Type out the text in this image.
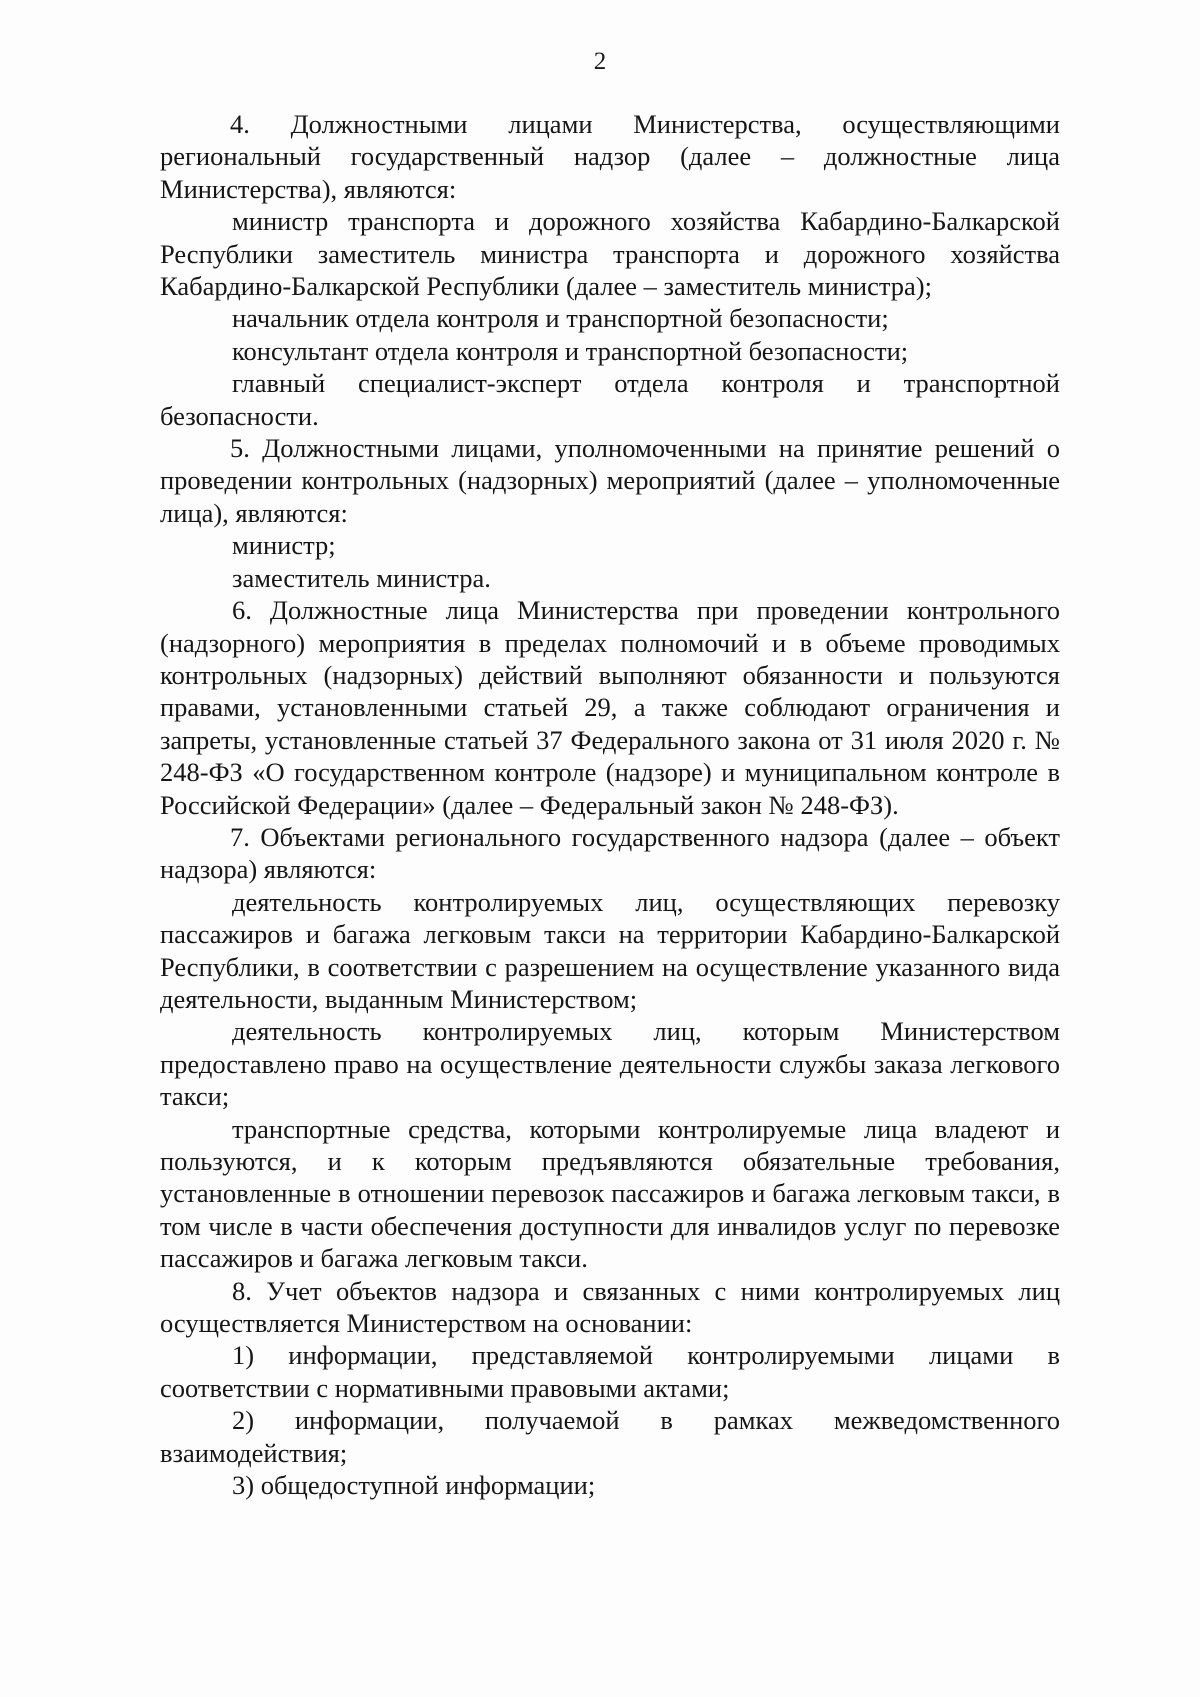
2

4. Должностными лицами Министерства, осуществляющими региональный государственный надзор (далее – должностные лица Министерства), являются:

министр транспорта и дорожного хозяйства Кабардино-Балкарской Республики заместитель министра транспорта и дорожного хозяйства Кабардино-Балкарской Республики (далее – заместитель министра);

начальник отдела контроля и транспортной безопасности;

консультант отдела контроля и транспортной безопасности;

главный специалист-эксперт отдела контроля и транспортной безопасности.

5. Должностными лицами, уполномоченными на принятие решений о проведении контрольных (надзорных) мероприятий (далее – уполномоченные лица), являются:

министр;

заместитель министра.

6. Должностные лица Министерства при проведении контрольного (надзорного) мероприятия в пределах полномочий и в объеме проводимых контрольных (надзорных) действий выполняют обязанности и пользуются правами, установленными статьей 29, а также соблюдают ограничения и запреты, установленные статьей 37 Федерального закона от 31 июля 2020 г. № 248-ФЗ «О государственном контроле (надзоре) и муниципальном контроле в Российской Федерации» (далее – Федеральный закон № 248-ФЗ).

7. Объектами регионального государственного надзора (далее – объект надзора) являются:

деятельность контролируемых лиц, осуществляющих перевозку пассажиров и багажа легковым такси на территории Кабардино-Балкарской Республики, в соответствии с разрешением на осуществление указанного вида деятельности, выданным Министерством;

деятельность контролируемых лиц, которым Министерством предоставлено право на осуществление деятельности службы заказа легкового такси;

транспортные средства, которыми контролируемые лица владеют и пользуются, и к которым предъявляются обязательные требования, установленные в отношении перевозок пассажиров и багажа легковым такси, в том числе в части обеспечения доступности для инвалидов услуг по перевозке пассажиров и багажа легковым такси.

8. Учет объектов надзора и связанных с ними контролируемых лиц осуществляется Министерством на основании:

1) информации, представляемой контролируемыми лицами в соответствии с нормативными правовыми актами;

2) информации, получаемой в рамках межведомственного взаимодействия;

3) общедоступной информации;
